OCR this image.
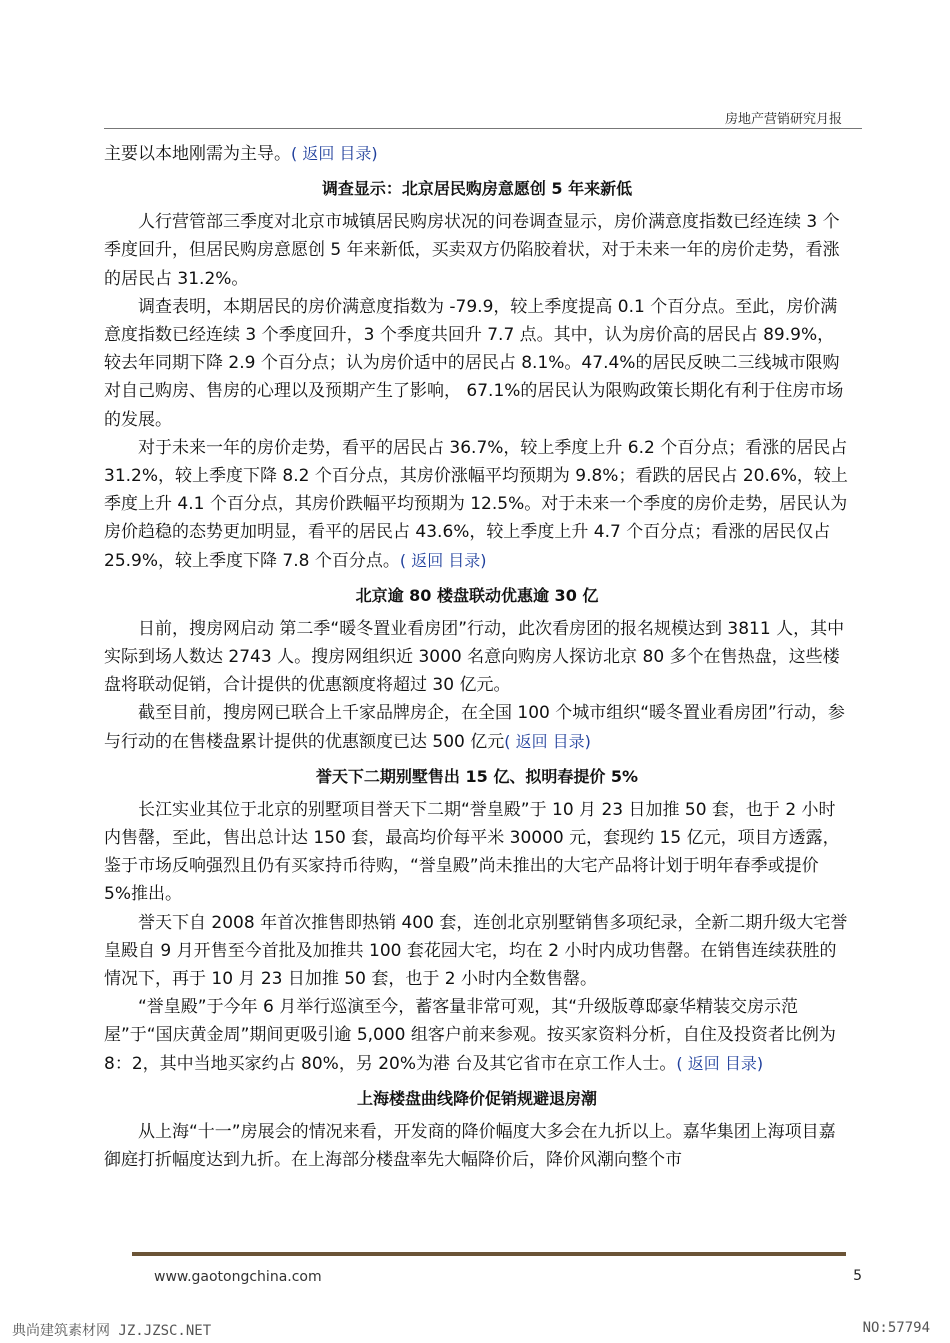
房地产营销研究月报

主要以本地刚需为主导。( 返回 目录)

调查显示：北京居民购房意愿创 5 年来新低

人行营管部三季度对北京市城镇居民购房状况的问卷调查显示，房价满意度指数已经连续 3 个季度回升，但居民购房意愿创 5 年来新低，买卖双方仍陷胶着状，对于未来一年的房价走势，看涨的居民占 31.2%。

调查表明，本期居民的房价满意度指数为 -79.9，较上季度提高 0.1 个百分点。至此，房价满意度指数已经连续 3 个季度回升，3 个季度共回升 7.7 点。其中，认为房价高的居民占 89.9%，较去年同期下降 2.9 个百分点；认为房价适中的居民占 8.1%。47.4%的居民反映二三线城市限购对自己购房、售房的心理以及预期产生了影响， 67.1%的居民认为限购政策长期化有利于住房市场的发展。

对于未来一年的房价走势，看平的居民占 36.7%，较上季度上升 6.2 个百分点；看涨的居民占 31.2%，较上季度下降 8.2 个百分点，其房价涨幅平均预期为 9.8%；看跌的居民占 20.6%，较上季度上升 4.1 个百分点，其房价跌幅平均预期为 12.5%。对于未来一个季度的房价走势，居民认为房价趋稳的态势更加明显，看平的居民占 43.6%，较上季度上升 4.7 个百分点；看涨的居民仅占 25.9%，较上季度下降 7.8 个百分点。( 返回 目录)

北京逾 80 楼盘联动优惠逾 30 亿

日前，搜房网启动 第二季“暖冬置业看房团”行动，此次看房团的报名规模达到 3811 人，其中实际到场人数达 2743 人。搜房网组织近 3000 名意向购房人探访北京 80 多个在售热盘，这些楼盘将联动促销，合计提供的优惠额度将超过 30 亿元。

截至目前，搜房网已联合上千家品牌房企，在全国 100 个城市组织“暖冬置业看房团”行动，参与行动的在售楼盘累计提供的优惠额度已达 500 亿元( 返回 目录)

誉天下二期别墅售出 15 亿、拟明春提价 5%

长江实业其位于北京的别墅项目誉天下二期“誉皇殿”于 10 月 23 日加推 50 套，也于 2 小时内售罄，至此，售出总计达 150 套，最高均价每平米 30000 元，套现约 15 亿元，项目方透露，鉴于市场反响强烈且仍有买家持币待购，“誉皇殿”尚未推出的大宅产品将计划于明年春季或提价 5%推出。

誉天下自 2008 年首次推售即热销 400 套，连创北京别墅销售多项纪录，全新二期升级大宅誉皇殿自 9 月开售至今首批及加推共 100 套花园大宅，均在 2 小时内成功售罄。在销售连续获胜的情况下，再于 10 月 23 日加推 50 套，也于 2 小时内全数售罄。

“誉皇殿”于今年 6 月举行巡演至今，蓄客量非常可观，其“升级版尊邸豪华精装交房示范屋”于“国庆黄金周”期间更吸引逾 5,000 组客户前来参观。按买家资料分析，自住及投资者比例为 8：2，其中当地买家约占 80%，另 20%为港 台及其它省市在京工作人士。( 返回 目录)

上海楼盘曲线降价促销规避退房潮

从上海“十一”房展会的情况来看，开发商的降价幅度大多会在九折以上。嘉华集团上海项目嘉御庭打折幅度达到九折。在上海部分楼盘率先大幅降价后，降价风潮向整个市

www.gaotongchina.com	5
典尚建筑素材网 JZ.JZSC.NET	NO:57794
